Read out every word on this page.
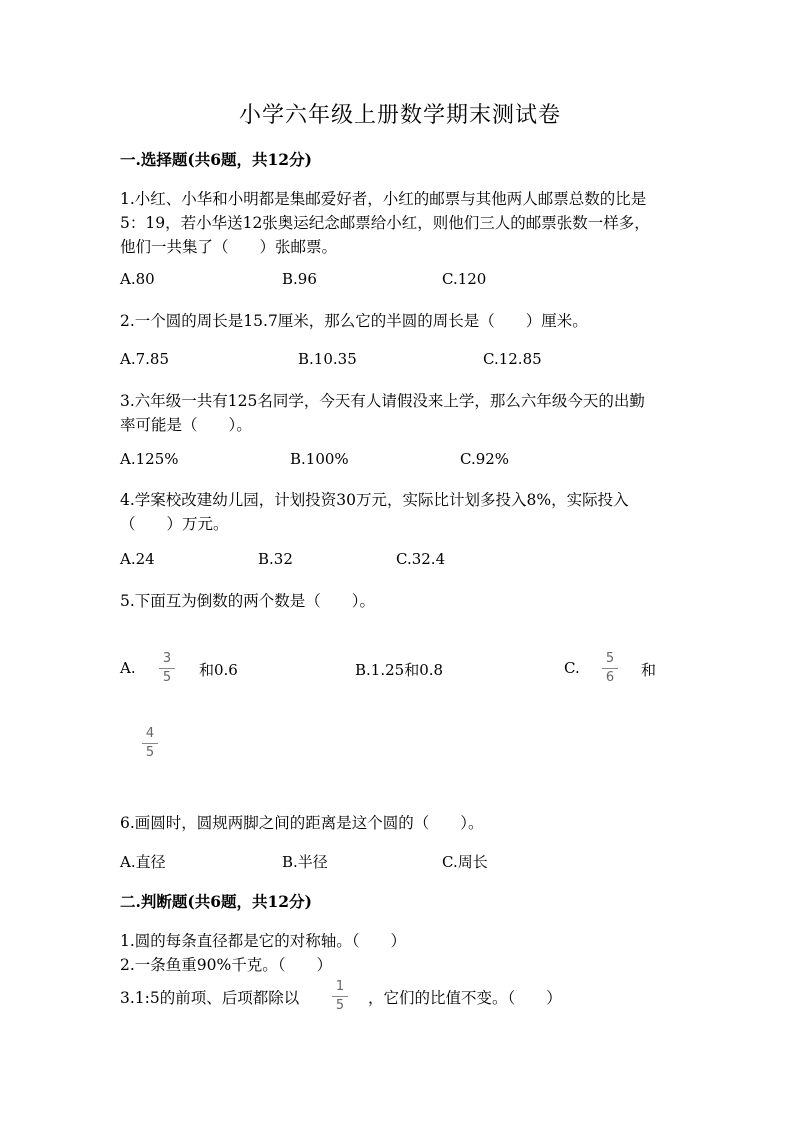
小学六年级上册数学期末测试卷
一.选择题(共6题，共12分)
1.小红、小华和小明都是集邮爱好者，小红的邮票与其他两人邮票总数的比是
5：19，若小华送12张奥运纪念邮票给小红，则他们三人的邮票张数一样多，
他们一共集了（　　）张邮票。
A.80	B.96	C.120
2.一个圆的周长是15.7厘米，那么它的半圆的周长是（　　）厘米。
A.7.85	B.10.35	C.12.85
3.六年级一共有125名同学，今天有人请假没来上学，那么六年级今天的出勤
率可能是（　　）。
A.125%	B.100%	C.92%
4.学案校改建幼儿园，计划投资30万元，实际比计划多投入8%，实际投入
（　　）万元。
A.24	B.32	C.32.4
5.下面互为倒数的两个数是（　　）。
A.
3
5	和0.6	B.1.25和0.8	C.
5
6	和
4
5
6.画圆时，圆规两脚之间的距离是这个圆的（　　）。
A.直径	B.半径	C.周长
二.判断题(共6题，共12分)
1.圆的每条直径都是它的对称轴。（　　）
2.一条鱼重90%千克。（　　）
3.1:5的前项、后项都除以
1
5	，它们的比值不变。（　　）
